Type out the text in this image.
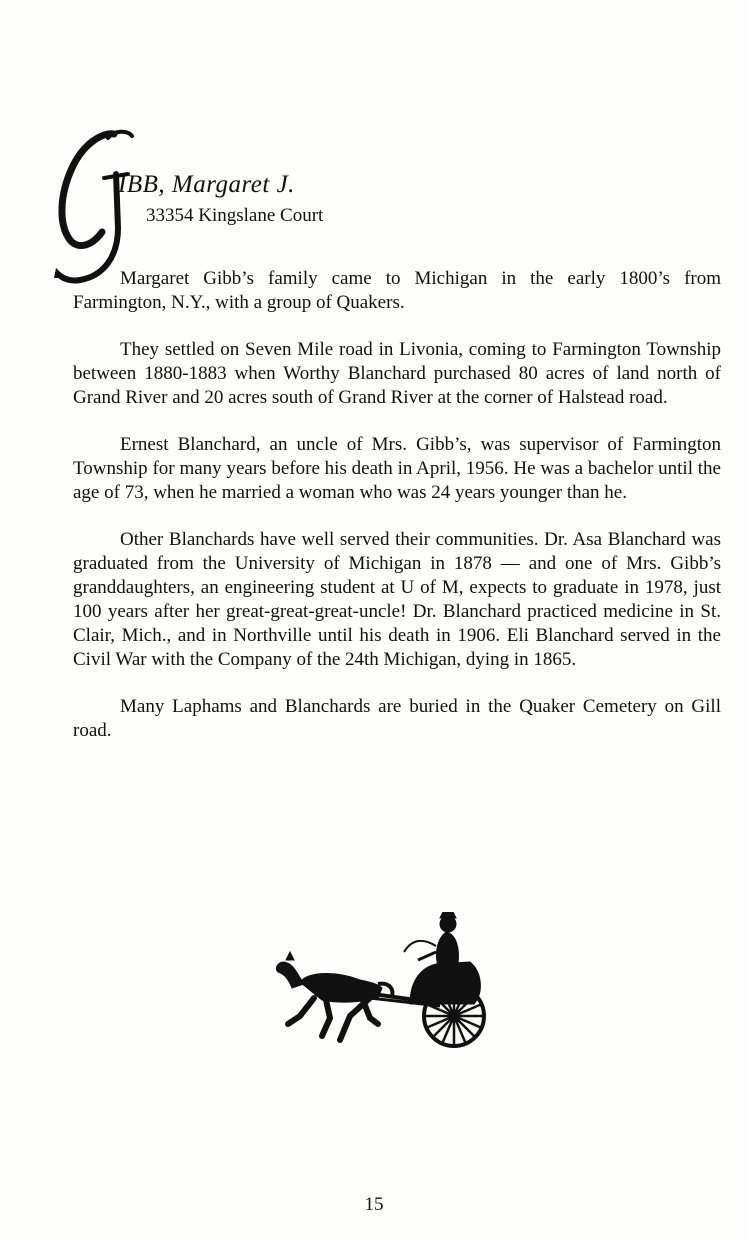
IBB, Margaret J.
33354 Kingslane Court

Margaret Gibb’s family came to Michigan in the early 1800’s from Farmington, N.Y., with a group of Quakers.

They settled on Seven Mile road in Livonia, coming to Farmington Township between 1880-1883 when Worthy Blanchard purchased 80 acres of land north of Grand River and 20 acres south of Grand River at the corner of Halstead road.

Ernest Blanchard, an uncle of Mrs. Gibb’s, was supervisor of Farmington Township for many years before his death in April, 1956. He was a bachelor until the age of 73, when he married a woman who was 24 years younger than he.

Other Blanchards have well served their communities. Dr. Asa Blanchard was graduated from the University of Michigan in 1878 — and one of Mrs. Gibb’s granddaughters, an engineering student at U of M, expects to graduate in 1978, just 100 years after her great-great-great-uncle! Dr. Blanchard practiced medicine in St. Clair, Mich., and in Northville until his death in 1906. Eli Blanchard served in the Civil War with the Company of the 24th Michigan, dying in 1865.

Many Laphams and Blanchards are buried in the Quaker Cemetery on Gill road.

15
